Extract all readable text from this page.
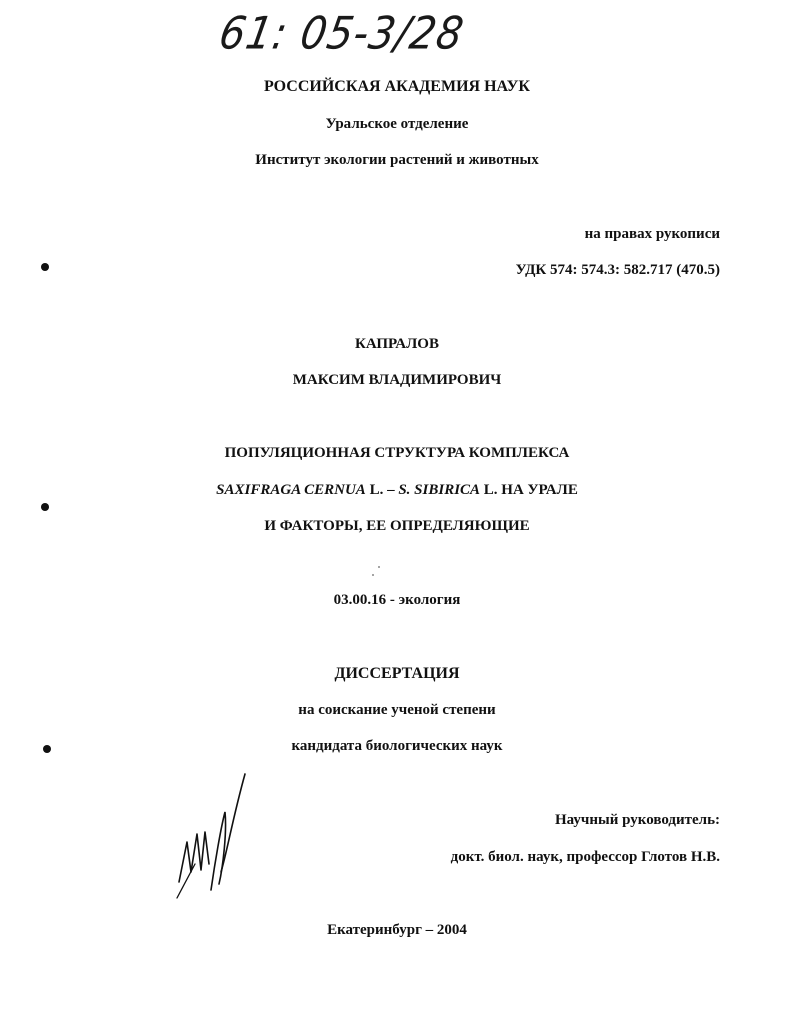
61: 05-3/28
РОССИЙСКАЯ АКАДЕМИЯ НАУК
Уральское отделение
Институт экологии растений и животных
на правах рукописи
УДК 574: 574.3: 582.717 (470.5)
КАПРАЛОВ
МАКСИМ ВЛАДИМИРОВИЧ
ПОПУЛЯЦИОННАЯ СТРУКТУРА КОМПЛЕКСА
SAXIFRAGA CERNUA L. – S. SIBIRICA L. НА УРАЛЕ
И ФАКТОРЫ, ЕЕ ОПРЕДЕЛЯЮЩИЕ
03.00.16 - экология
ДИССЕРТАЦИЯ
на соискание ученой степени
кандидата биологических наук
Научный руководитель:
докт. биол. наук, профессор Глотов Н.В.
Екатеринбург – 2004
